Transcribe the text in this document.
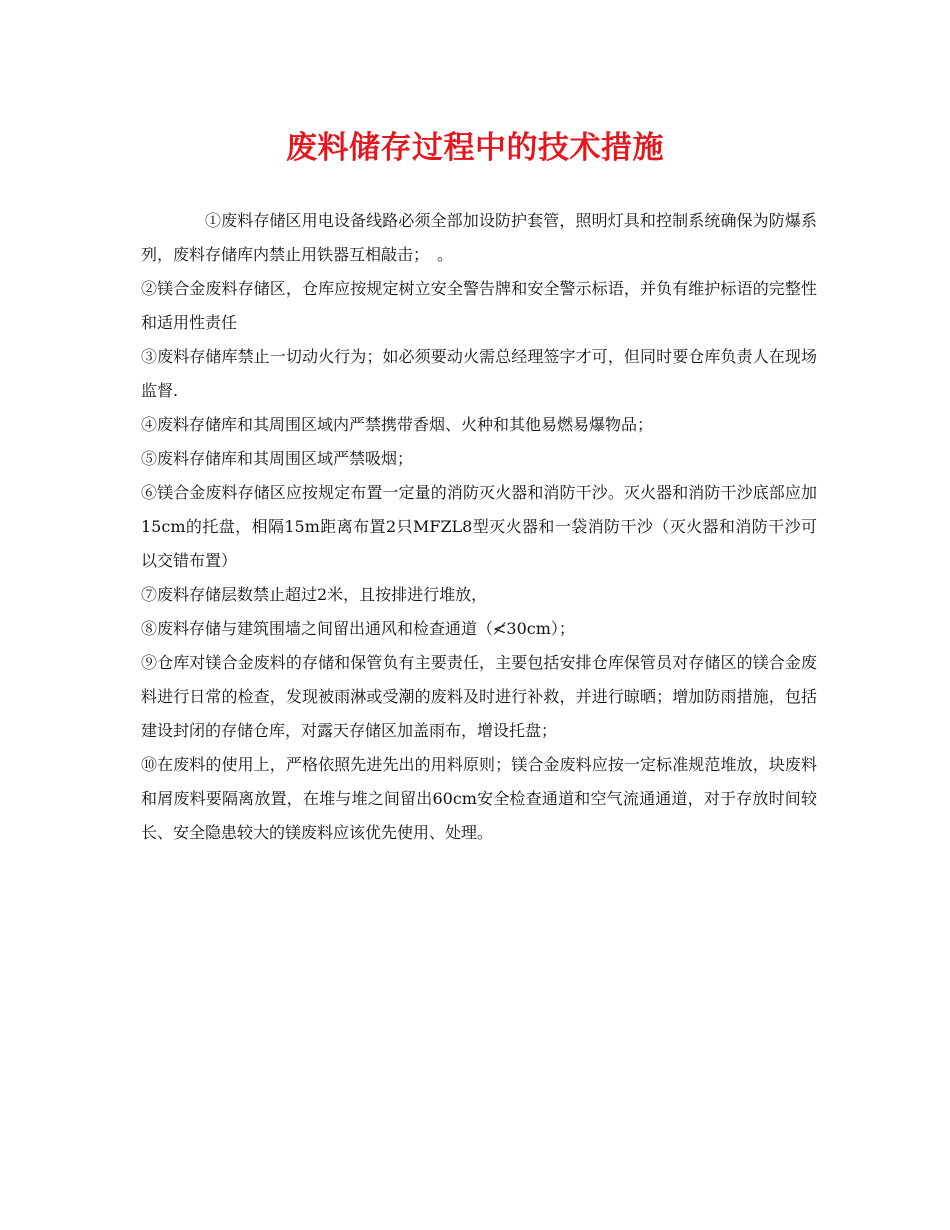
废料储存过程中的技术措施

①废料存储区用电设备线路必须全部加设防护套管，照明灯具和控制系统确保为防爆系列，废料存储库内禁止用铁器互相敲击；　。

②镁合金废料存储区，仓库应按规定树立安全警告牌和安全警示标语，并负有维护标语的完整性和适用性责任

③废料存储库禁止一切动火行为；如必须要动火需总经理签字才可，但同时要仓库负责人在现场监督.

④废料存储库和其周围区域内严禁携带香烟、火种和其他易燃易爆物品；

⑤废料存储库和其周围区域严禁吸烟；

⑥镁合金废料存储区应按规定布置一定量的消防灭火器和消防干沙。灭火器和消防干沙底部应加15cm的托盘，相隔15m距离布置2只MFZL8型灭火器和一袋消防干沙（灭火器和消防干沙可以交错布置）

⑦废料存储层数禁止超过2米，且按排进行堆放，

⑧废料存储与建筑围墙之间留出通风和检查通道（≮30cm）；

⑨仓库对镁合金废料的存储和保管负有主要责任，主要包括安排仓库保管员对存储区的镁合金废料进行日常的检查，发现被雨淋或受潮的废料及时进行补救，并进行晾晒；增加防雨措施，包括建设封闭的存储仓库，对露天存储区加盖雨布，增设托盘；

⑩在废料的使用上，严格依照先进先出的用料原则；镁合金废料应按一定标准规范堆放，块废料和屑废料要隔离放置，在堆与堆之间留出60cm安全检查通道和空气流通通道，对于存放时间较长、安全隐患较大的镁废料应该优先使用、处理。
